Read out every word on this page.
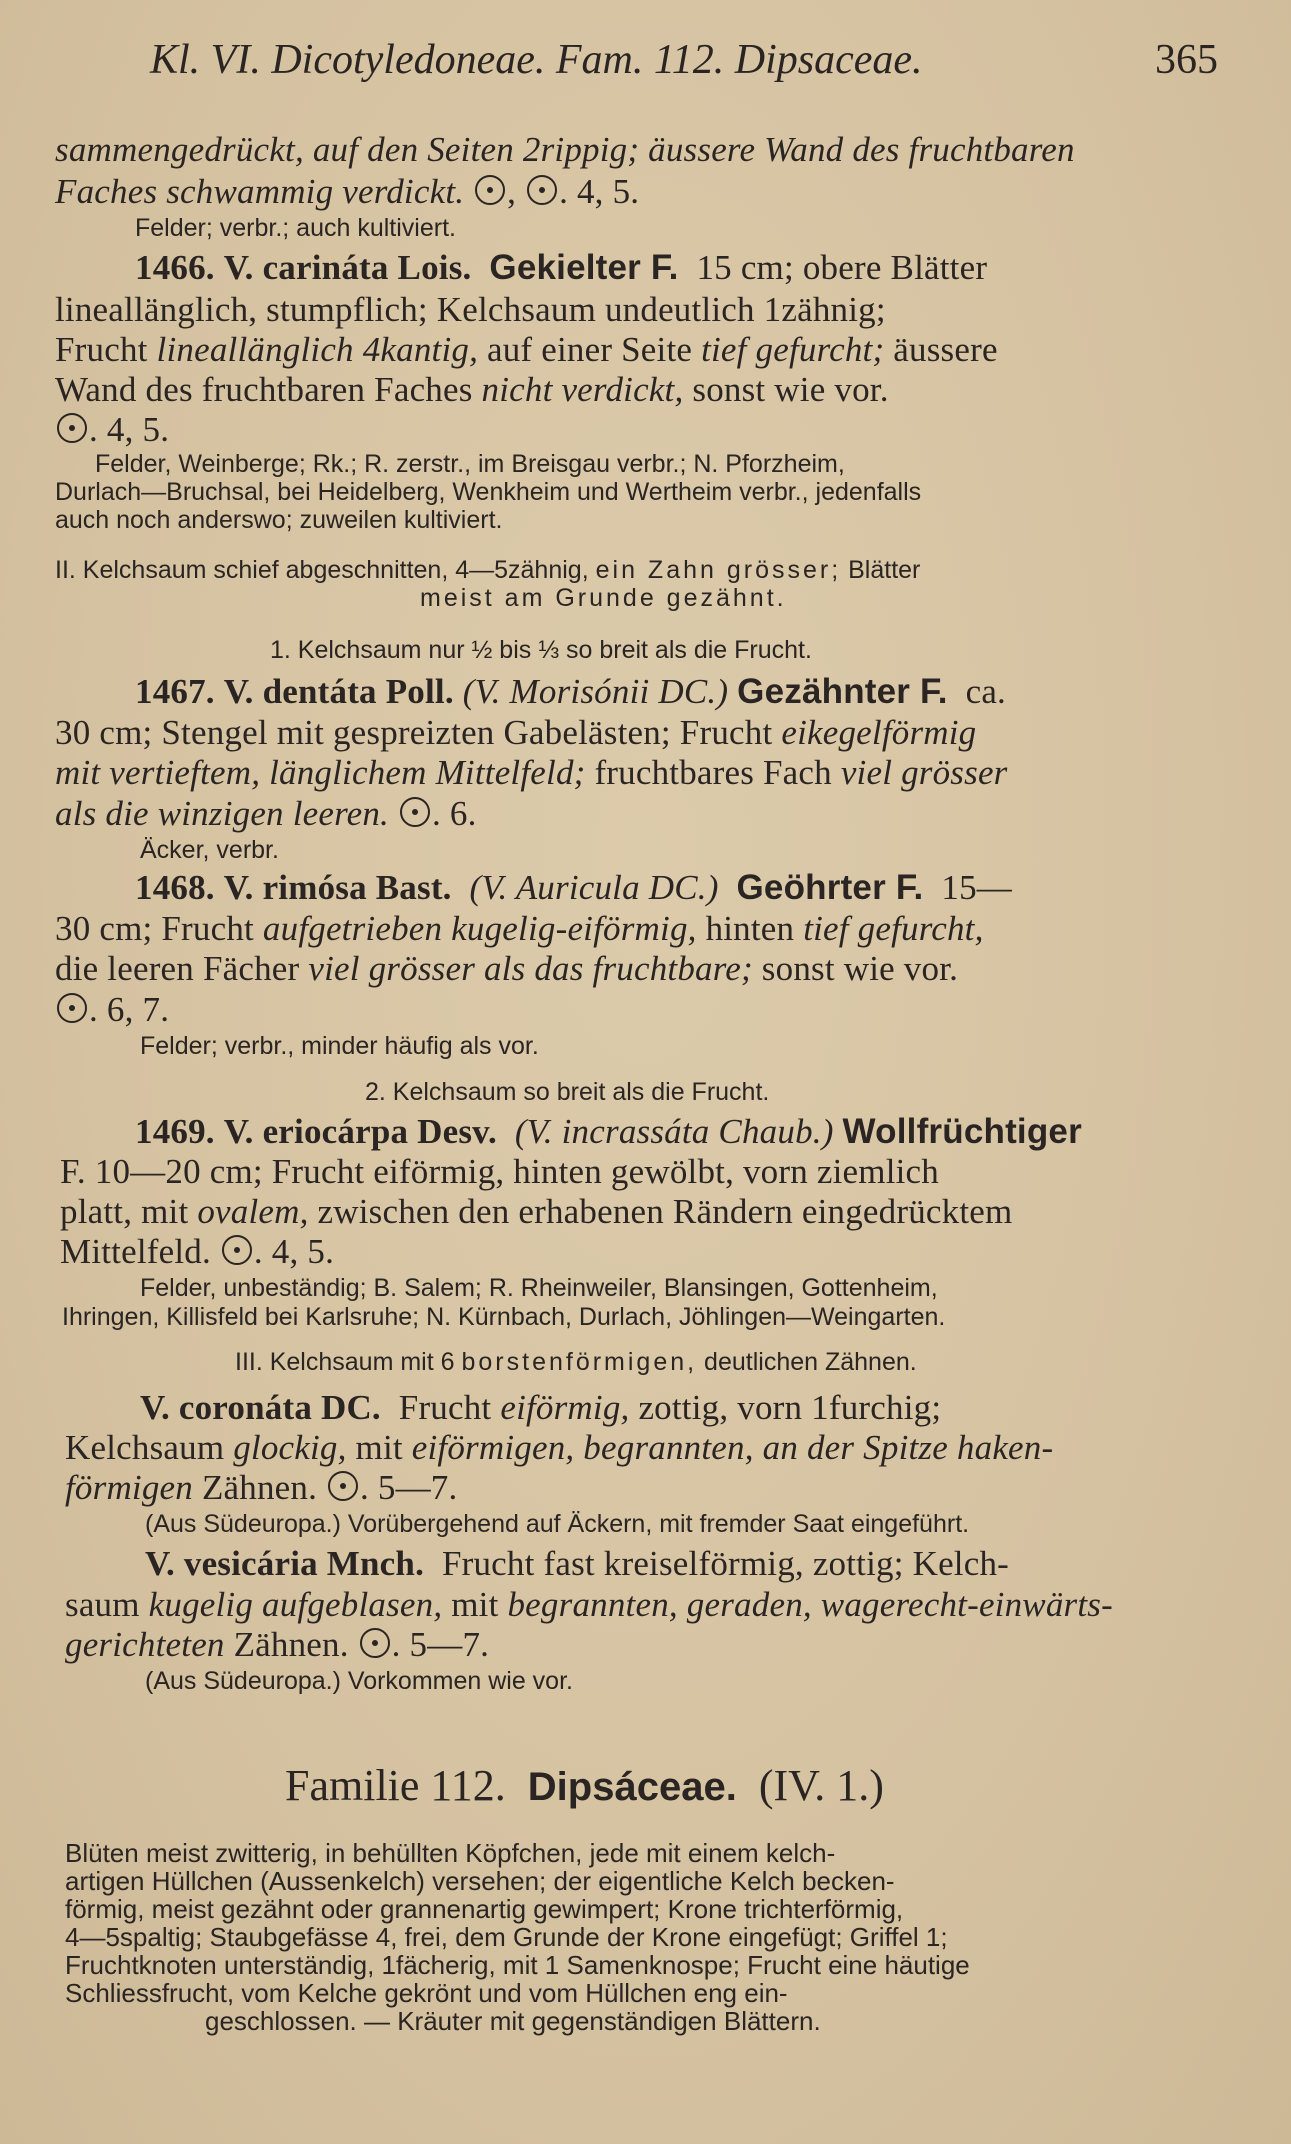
Kl. VI. Dicotyledoneae. Fam. 112. Dipsaceae.	365
sammengedrückt, auf den Seiten 2rippig; äussere Wand des fruchtbaren
Faches schwammig verdickt. , . 4, 5.
Felder; verbr.; auch kultiviert.
1466. V. carináta Lois. Gekielter F. 15 cm; obere Blätter
lineallänglich, stumpflich; Kelchsaum undeutlich 1zähnig;
Frucht lineallänglich 4kantig, auf einer Seite tief gefurcht; äussere
Wand des fruchtbaren Faches nicht verdickt, sonst wie vor.
. 4, 5.
Felder, Weinberge; Rk.; R. zerstr., im Breisgau verbr.; N. Pforzheim,
Durlach—Bruchsal, bei Heidelberg, Wenkheim und Wertheim verbr., jedenfalls
auch noch anderswo; zuweilen kultiviert.
II. Kelchsaum schief abgeschnitten, 4—5zähnig, ein Zahn grösser; Blätter
meist am Grunde gezähnt.
1. Kelchsaum nur ½ bis ⅓ so breit als die Frucht.
1467. V. dentáta Poll. (V. Morisónii DC.) Gezähnter F. ca.
30 cm; Stengel mit gespreizten Gabelästen; Frucht eikegelförmig
mit vertieftem, länglichem Mittelfeld; fruchtbares Fach viel grösser
als die winzigen leeren. . 6.
Äcker, verbr.
1468. V. rimósa Bast. (V. Auricula DC.) Geöhrter F. 15—
30 cm; Frucht aufgetrieben kugelig-eiförmig, hinten tief gefurcht,
die leeren Fächer viel grösser als das fruchtbare; sonst wie vor.
. 6, 7.
Felder; verbr., minder häufig als vor.
2. Kelchsaum so breit als die Frucht.
1469. V. eriocárpa Desv. (V. incrassáta Chaub.) Wollfrüchtiger
F. 10—20 cm; Frucht eiförmig, hinten gewölbt, vorn ziemlich
platt, mit ovalem, zwischen den erhabenen Rändern eingedrücktem
Mittelfeld. . 4, 5.
Felder, unbeständig; B. Salem; R. Rheinweiler, Blansingen, Gottenheim,
Ihringen, Killisfeld bei Karlsruhe; N. Kürnbach, Durlach, Jöhlingen—Weingarten.
III. Kelchsaum mit 6 borstenförmigen, deutlichen Zähnen.
V. coronáta DC. Frucht eiförmig, zottig, vorn 1furchig;
Kelchsaum glockig, mit eiförmigen, begrannten, an der Spitze haken-
förmigen Zähnen. . 5—7.
(Aus Südeuropa.) Vorübergehend auf Äckern, mit fremder Saat eingeführt.
V. vesicária Mnch. Frucht fast kreiselförmig, zottig; Kelch-
saum kugelig aufgeblasen, mit begrannten, geraden, wagerecht-einwärts-
gerichteten Zähnen. . 5—7.
(Aus Südeuropa.) Vorkommen wie vor.
Familie 112. Dipsáceae. (IV. 1.)
Blüten meist zwitterig, in behüllten Köpfchen, jede mit einem kelch-
artigen Hüllchen (Aussenkelch) versehen; der eigentliche Kelch becken-
förmig, meist gezähnt oder grannenartig gewimpert; Krone trichterförmig,
4—5spaltig; Staubgefässe 4, frei, dem Grunde der Krone eingefügt; Griffel 1;
Fruchtknoten unterständig, 1fächerig, mit 1 Samenknospe; Frucht eine häutige
Schliessfrucht, vom Kelche gekrönt und vom Hüllchen eng ein-
geschlossen. — Kräuter mit gegenständigen Blättern.
